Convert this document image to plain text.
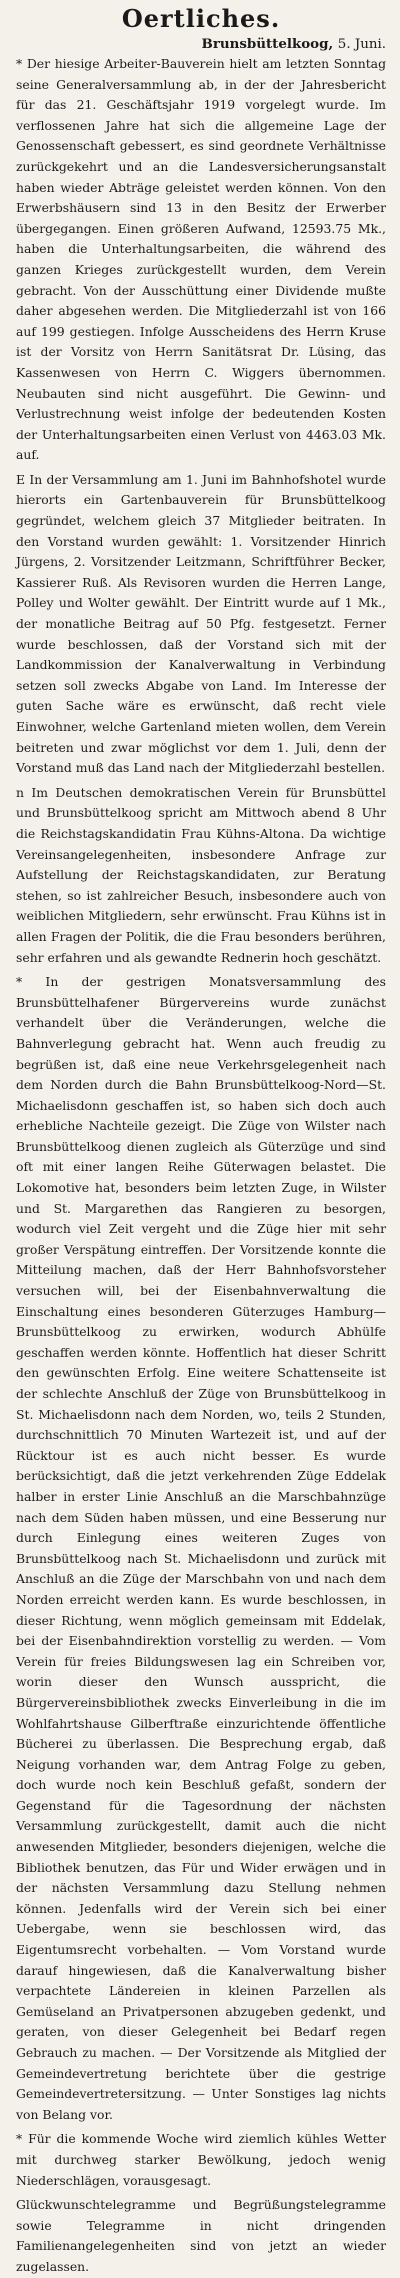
Oertliches.
Brunsbüttelkoog, 5. Juni.

* Der hiesige Arbeiter-Bauverein hielt am letzten Sonntag seine Generalversammlung ab, in der der Jahresbericht für das 21. Geschäftsjahr 1919 vorgelegt wurde. Im verflossenen Jahre hat sich die allgemeine Lage der Genossenschaft gebessert, es sind geordnete Verhältnisse zurückgekehrt und an die Landesversicherungsanstalt haben wieder Abträge geleistet werden können. Von den Erwerbshäusern sind 13 in den Besitz der Erwerber übergegangen. Einen größeren Aufwand, 12593.75 Mk., haben die Unterhaltungsarbeiten, die während des ganzen Krieges zurückgestellt wurden, dem Verein gebracht. Von der Ausschüttung einer Dividende mußte daher abgesehen werden. Die Mitgliederzahl ist von 166 auf 199 gestiegen. Infolge Ausscheidens des Herrn Kruse ist der Vorsitz von Herrn Sanitätsrat Dr. Lüsing, das Kassenwesen von Herrn C. Wiggers übernommen. Neubauten sind nicht ausgeführt. Die Gewinn- und Verlustrechnung weist infolge der bedeutenden Kosten der Unterhaltungsarbeiten einen Verlust von 4463.03 Mk. auf.

E In der Versammlung am 1. Juni im Bahnhofshotel wurde hierorts ein Gartenbauverein für Brunsbüttelkoog gegründet, welchem gleich 37 Mitglieder beitraten. In den Vorstand wurden gewählt: 1. Vorsitzender Hinrich Jürgens, 2. Vorsitzender Leitzmann, Schriftführer Becker, Kassierer Ruß. Als Revisoren wurden die Herren Lange, Polley und Wolter gewählt. Der Eintritt wurde auf 1 Mk., der monatliche Beitrag auf 50 Pfg. festgesetzt. Ferner wurde beschlossen, daß der Vorstand sich mit der Landkommission der Kanalverwaltung in Verbindung setzen soll zwecks Abgabe von Land. Im Interesse der guten Sache wäre es erwünscht, daß recht viele Einwohner, welche Gartenland mieten wollen, dem Verein beitreten und zwar möglichst vor dem 1. Juli, denn der Vorstand muß das Land nach der Mitgliederzahl bestellen.

n Im Deutschen demokratischen Verein für Brunsbüttel und Brunsbüttelkoog spricht am Mittwoch abend 8 Uhr die Reichstagskandidatin Frau Kühns-Altona. Da wichtige Vereinsangelegenheiten, insbesondere Anfrage zur Aufstellung der Reichstagskandidaten, zur Beratung stehen, so ist zahlreicher Besuch, insbesondere auch von weiblichen Mitgliedern, sehr erwünscht. Frau Kühns ist in allen Fragen der Politik, die die Frau besonders berühren, sehr erfahren und als gewandte Rednerin hoch geschätzt.

* In der gestrigen Monatsversammlung des Brunsbüttelhafener Bürgervereins wurde zunächst verhandelt über die Veränderungen, welche die Bahnverlegung gebracht hat. Wenn auch freudig zu begrüßen ist, daß eine neue Verkehrsgelegenheit nach dem Norden durch die Bahn Brunsbüttelkoog-Nord—St. Michaelisdonn geschaffen ist, so haben sich doch auch erhebliche Nachteile gezeigt. Die Züge von Wilster nach Brunsbüttelkoog dienen zugleich als Güterzüge und sind oft mit einer langen Reihe Güterwagen belastet. Die Lokomotive hat, besonders beim letzten Zuge, in Wilster und St. Margarethen das Rangieren zu besorgen, wodurch viel Zeit vergeht und die Züge hier mit sehr großer Verspätung eintreffen. Der Vorsitzende konnte die Mitteilung machen, daß der Herr Bahnhofsvorsteher versuchen will, bei der Eisenbahnverwaltung die Einschaltung eines besonderen Güterzuges Hamburg—Brunsbüttelkoog zu erwirken, wodurch Abhülfe geschaffen werden könnte. Hoffentlich hat dieser Schritt den gewünschten Erfolg. Eine weitere Schattenseite ist der schlechte Anschluß der Züge von Brunsbüttelkoog in St. Michaelisdonn nach dem Norden, wo, teils 2 Stunden, durchschnittlich 70 Minuten Wartezeit ist, und auf der Rücktour ist es auch nicht besser. Es wurde berücksichtigt, daß die jetzt verkehrenden Züge Eddelak halber in erster Linie Anschluß an die Marschbahnzüge nach dem Süden haben müssen, und eine Besserung nur durch Einlegung eines weiteren Zuges von Brunsbüttelkoog nach St. Michaelisdonn und zurück mit Anschluß an die Züge der Marschbahn von und nach dem Norden erreicht werden kann. Es wurde beschlossen, in dieser Richtung, wenn möglich gemeinsam mit Eddelak, bei der Eisenbahndirektion vorstellig zu werden. — Vom Verein für freies Bildungswesen lag ein Schreiben vor, worin dieser den Wunsch ausspricht, die Bürgervereinsbibliothek zwecks Einverleibung in die im Wohlfahrtshause Gilberftraße einzurichtende öffentliche Bücherei zu überlassen. Die Besprechung ergab, daß Neigung vorhanden war, dem Antrag Folge zu geben, doch wurde noch kein Beschluß gefaßt, sondern der Gegenstand für die Tagesordnung der nächsten Versammlung zurückgestellt, damit auch die nicht anwesenden Mitglieder, besonders diejenigen, welche die Bibliothek benutzen, das Für und Wider erwägen und in der nächsten Versammlung dazu Stellung nehmen können. Jedenfalls wird der Verein sich bei einer Uebergabe, wenn sie beschlossen wird, das Eigentumsrecht vorbehalten. — Vom Vorstand wurde darauf hingewiesen, daß die Kanalverwaltung bisher verpachtete Ländereien in kleinen Parzellen als Gemüseland an Privatpersonen abzugeben gedenkt, und geraten, von dieser Gelegenheit bei Bedarf regen Gebrauch zu machen. — Der Vorsitzende als Mitglied der Gemeindevertretung berichtete über die gestrige Gemeindevertretersitzung. — Unter Sonstiges lag nichts von Belang vor.

* Für die kommende Woche wird ziemlich kühles Wetter mit durchweg starker Bewölkung, jedoch wenig Niederschlägen, vorausgesagt.

Glückwunschtelegramme und Begrüßungstelegramme sowie Telegramme in nicht dringenden Familienangelegenheiten sind von jetzt an wieder zugelassen.
